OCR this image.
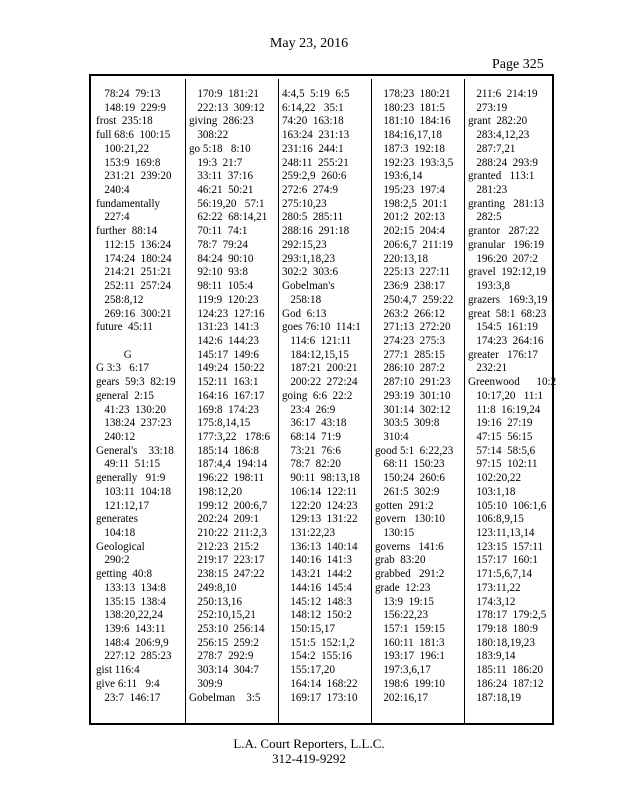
May 23, 2016
Page 325
78:24  79:13
148:19  229:9
frost  235:18
full 68:6  100:15
100:21,22
153:9  169:8
231:21  239:20
240:4
fundamentally
227:4
further  88:14
112:15  136:24
174:24  180:24
214:21  251:21
252:11  257:24
258:8,12
269:16  300:21
future  45:11
G
G 3:3   6:17
gears  59:3  82:19
general  2:15
41:23  130:20
138:24  237:23
240:12
General's    33:18
49:11  51:15
generally   91:9
103:11  104:18
121:12,17
generates
104:18
Geological
290:2
getting  40:8
133:13  134:8
135:15  138:4
138:20,22,24
139:6  143:11
148:4  206:9,9
227:12  285:23
gist 116:4
give 6:11   9:4
23:7  146:17
170:9  181:21
222:13  309:12
giving  286:23
308:22
go 5:18   8:10
19:3  21:7
33:11  37:16
46:21  50:21
56:19,20   57:1
62:22  68:14,21
70:11  74:1
78:7  79:24
84:24  90:10
92:10  93:8
98:11  105:4
119:9  120:23
124:23  127:16
131:23  141:3
142:6  144:23
145:17  149:6
149:24  150:22
152:11  163:1
164:16  167:17
169:8  174:23
175:8,14,15
177:3,22   178:6
185:14  186:8
187:4,4  194:14
196:22  198:11
198:12,20
199:12  200:6,7
202:24  209:1
210:22  211:2,3
212:23  215:2
219:17  223:17
238:15  247:22
249:8,10
250:13,16
252:10,15,21
253:10  256:14
256:15  259:2
278:7  292:9
303:14  304:7
309:9
Gobelman    3:5
4:4,5  5:19  6:5
6:14,22   35:1
74:20  163:18
163:24  231:13
231:16  244:1
248:11  255:21
259:2,9  260:6
272:6  274:9
275:10,23
280:5  285:11
288:16  291:18
292:15,23
293:1,18,23
302:2  303:6
Gobelman's
258:18
God  6:13
goes 76:10  114:1
114:6  121:11
184:12,15,15
187:21  200:21
200:22  272:24
going  6:6  22:2
23:4  26:9
36:17  43:18
68:14  71:9
73:21  76:6
78:7  82:20
90:11  98:13,18
106:14  122:11
122:20  124:23
129:13  131:22
131:22,23
136:13  140:14
140:16  141:3
143:21  144:2
144:16  145:4
145:12  148:3
148:12  150:2
150:15,17
151:5  152:1,2
154:2  155:16
155:17,20
164:14  168:22
169:17  173:10
178:23  180:21
180:23  181:5
181:10  184:16
184:16,17,18
187:3  192:18
192:23  193:3,5
193:6,14
195:23  197:4
198:2,5  201:1
201:2  202:13
202:15  204:4
206:6,7  211:19
220:13,18
225:13  227:11
236:9  238:17
250:4,7  259:22
263:2  266:12
271:13  272:20
274:23  275:3
277:1  285:15
286:10  287:2
287:10  291:23
293:19  301:10
301:14  302:12
303:5  309:8
310:4
good 5:1  6:22,23
68:11  150:23
150:24  260:6
261:5  302:9
gotten  291:2
govern   130:10
130:15
governs   141:6
grab  83:20
grabbed   291:2
grade  12:23
13:9  19:15
156:22,23
157:1  159:15
160:11  181:3
193:17  196:1
197:3,6,17
198:6  199:10
202:16,17
211:6  214:19
273:19
grant  282:20
283:4,12,23
287:7,21
288:24  293:9
granted   113:1
281:23
granting   281:13
282:5
grantor   287:22
granular   196:19
196:20  207:2
gravel  192:12,19
193:3,8
grazers   169:3,19
great  58:1  68:23
154:5  161:19
174:23  264:16
greater   176:17
232:21
Greenwood      10:2
10:17,20   11:1
11:8  16:19,24
19:16  27:19
47:15  56:15
57:14  58:5,6
97:15  102:11
102:20,22
103:1,18
105:10  106:1,6
106:8,9,15
123:11,13,14
123:15  157:11
157:17  160:1
171:5,6,7,14
173:11,22
174:3,12
178:17  179:2,5
179:18  180:9
180:18,19,23
183:9,14
185:11  186:20
186:24  187:12
187:18,19
L.A. Court Reporters, L.L.C.
312-419-9292
